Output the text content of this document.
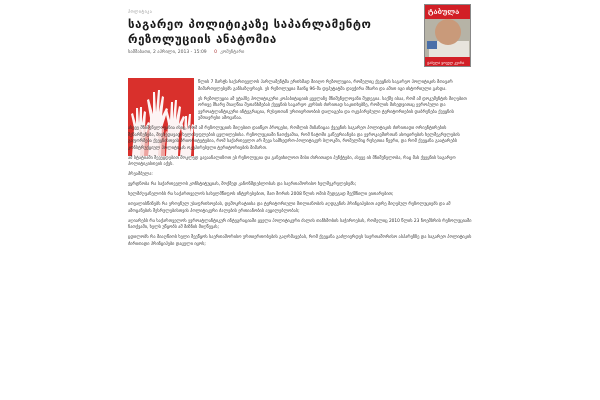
პოლიტიკა
საგარეო პოლიტიკაზე საპარლამენტო რეზოლუციის ანატომია
სამშაბათი, 2 აპრილი, 2013 - 15:09 0 კომენტარი
ტაბულა
ტაბულა ყოველ კვირა

წლის 7 მარტს საქართველოს პარლამენტმა ერთხმად მიიღო რეზოლუცია, რომელიც ქვეყნის საგარეო პოლიტიკის მთავარ მიმართულებებს განსაზღვრავს. ეს რეზოლუცია მაინც 96-მა დეპუტატმა დაუჭირა მხარი და ამით იგი ისტორიული გახდა.

ეს რეზოლუცია ამ ეტაპზე პოლიტიკური კოჰაბიტაციის ყველაზე მნიშვნელოვანი შედეგია. საქმე ისაა, რომ ამ დოკუმენტის მიღებით ორივე მხარე მიაღწია შეთანხმებას ქვეყნის საგარეო კურსის ძირითად საკითხებზე, რომლის მიხედვითაც ევროპული და ევროატლანტიკური ინტეგრაცია, რუსეთთან ურთიერთობის დალაგება და ოკუპირებული ტერიტორიების დაბრუნება ქვეყნის უმთავრესი ამოცანაა.

ასევე მნიშვნელოვანია ისიც, რომ ამ რეზოლუციის მიღებით დაიწყო პროცესი, რომლის მიზანიცაა ქვეყნის საგარეო პოლიტიკის ძირითადი ორიენტირების შენარჩუნება, მიუხედავად ხელისუფლების ცვლილებისა. რეზოლუციაში ნათქვამია, რომ ნატოში გაწევრიანება და ევროკავშირთან ასოცირების ხელშეკრულების გაფორმება ქვეყნისთვის პრიორიტეტებია, რომ საქართველო არ შევა სამხედრო-პოლიტიკურ ბლოკში, რომელშიც რუსეთია წევრი, და რომ ქვეყანა გაატარებს კონსტრუქციულ პოლიტიკას ოკუპირებული ტერიტორიების მიმართ.

ამ სტატიაში შევეცდებით მოკლედ გავაანალიზოთ ეს რეზოლუცია და განვიხილოთ მისი ძირითადი პუნქტები, ასევე ის მნიშვნელობა, რაც მას ქვეყნის საგარეო პოლიტიკისთვის აქვს.

პრეამბულა:

ეყრდნობა რა საქართველოს კონსტიტუციას, მოქმედ კანონმდებლობას და საერთაშორისო ხელშეკრულებებს;

ხელმძღვანელობს რა საქართველოს სახელმწიფოს ინტერესებით, მათ შორის 2008 წლის ომის შედეგად შექმნილი ვითარებით;

ითვალისწინებს რა ეროვნულ უსაფრთხოებას, დემოკრატიისა და ტერიტორიული მთლიანობის აღდგენის პრინციპებით ადრე მიღებულ რეზოლუციებს და ამ ამოცანების შესრულებისთვის პოლიტიკური ძალების ერთიანობის აუცილებლობას;

აღიარებს რა საქართველოს ევროატლანტიკურ ინტეგრაციაში ყველა პოლიტიკური ძალის თანხმობის საჭიროებას, რომელიც 2010 წლის 23 ნოემბრის რეზოლუციაში ნათქვამი, ხელს უწყობს ამ მიზნის მიღწევას;

ცდილობს რა მიაღწიოს ხელი შეეწყოს საერთაშორისო ურთიერთობების გაღრმავებას, რომ ქვეყანა გაძლიერდეს საერთაშორისო ასპარეზზე და საგარეო პოლიტიკის ძირითადი პრინციპები დაცული იყოს;
